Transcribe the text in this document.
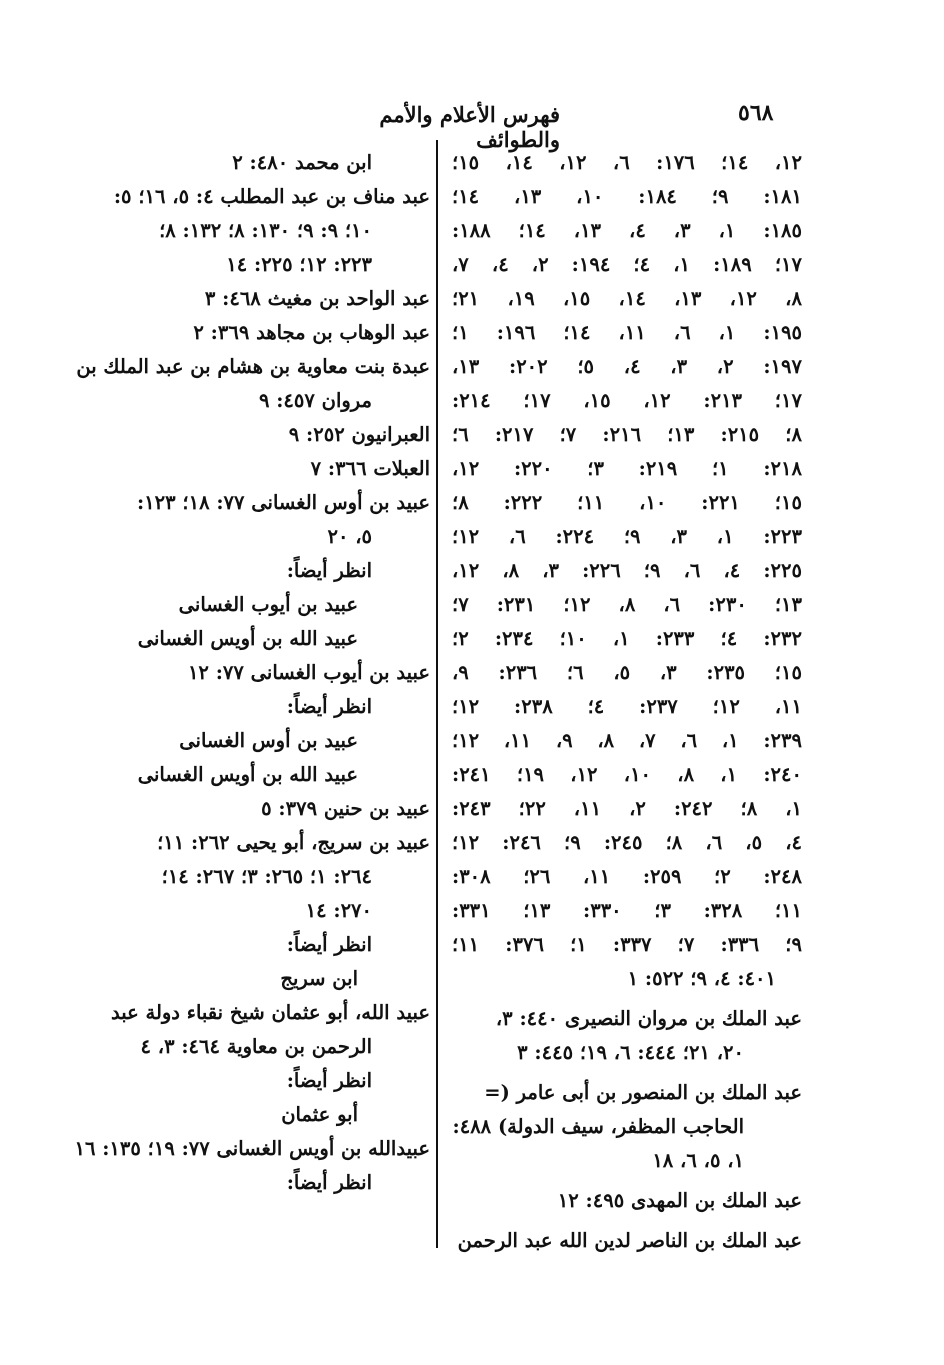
٥٦٨
فهرس الأعلام والأمم والطوائف
١٢، ١٤؛ ١٧٦: ٦، ١٢، ١٤، ١٥؛
١٨١: ٩؛ ١٨٤: ١٠، ١٣، ١٤؛
١٨٥: ١، ٣، ٤، ١٣، ١٤؛ ١٨٨:
١٧؛ ١٨٩: ١، ٤؛ ١٩٤: ٢، ٤، ٧،
٨، ١٢، ١٣، ١٤، ١٥، ١٩، ٢١؛
١٩٥: ١، ٦، ١١، ١٤؛ ١٩٦: ١؛
١٩٧: ٢، ٣، ٤، ٥؛ ٢٠٢: ١٣،
١٧؛ ٢١٣: ١٢، ١٥، ١٧؛ ٢١٤:
٨؛ ٢١٥: ١٣؛ ٢١٦: ٧؛ ٢١٧: ٦؛
٢١٨: ١؛ ٢١٩: ٣؛ ٢٢٠: ١٢،
١٥؛ ٢٢١: ١٠، ١١؛ ٢٢٢: ٨؛
٢٢٣: ١، ٣، ٩؛ ٢٢٤: ٦، ١٢؛
٢٢٥: ٤، ٦، ٩؛ ٢٢٦: ٣، ٨، ١٢،
١٣؛ ٢٣٠: ٦، ٨، ١٢؛ ٢٣١: ٧؛
٢٣٢: ٤؛ ٢٣٣: ١، ١٠؛ ٢٣٤: ٢؛
١٥؛ ٢٣٥: ٣، ٥، ٦؛ ٢٣٦: ٩،
١١، ١٢؛ ٢٣٧: ٤؛ ٢٣٨: ١٢؛
٢٣٩: ١، ٦، ٧، ٨، ٩، ١١، ١٢؛
٢٤٠: ١، ٨، ١٠، ١٢، ١٩؛ ٢٤١:
١، ٨؛ ٢٤٢: ٢، ١١، ٢٢؛ ٢٤٣:
٤، ٥، ٦، ٨؛ ٢٤٥: ٩؛ ٢٤٦: ١٢؛
٢٤٨: ٢؛ ٢٥٩: ١١، ٢٦؛ ٣٠٨:
١١؛ ٣٢٨: ٣؛ ٣٣٠: ١٣؛ ٣٣١:
٩؛ ٣٣٦: ٧؛ ٣٣٧: ١؛ ٣٧٦: ١١؛
٤٠١: ٤، ٩؛ ٥٢٢: ١
عبد الملك بن مروان النصيرى ٤٤٠: ٣،
٢٠، ٢١؛ ٤٤٤: ٦، ١٩؛ ٤٤٥: ٣
عبد الملك بن المنصور بن أبى عامر (=
الحاجب المظفر، سيف الدولة) ٤٨٨:
١، ٥، ٦، ١٨
عبد الملك بن المهدى ٤٩٥: ١٢
عبد الملك بن الناصر لدين الله عبد الرحمن
ابن محمد ٤٨٠: ٢
عبد مناف بن عبد المطلب ٤: ٥، ١٦؛ ٥:
١٠؛ ٩: ٩؛ ١٣٠: ٨؛ ١٣٢: ٨؛
٢٢٣: ١٢؛ ٢٢٥: ١٤
عبد الواحد بن مغيث ٤٦٨: ٣
عبد الوهاب بن مجاهد ٣٦٩: ٢
عبدة بنت معاوية بن هشام بن عبد الملك بن
مروان ٤٥٧: ٩
العبرانيون ٢٥٢: ٩
العبلات ٣٦٦: ٧
عبيد بن أوس الغسانى ٧٧: ١٨؛ ١٢٣:
٥، ٢٠
انظر أيضاً:
عبيد بن أيوب الغسانى
عبيد الله بن أويس الغسانى
عبيد بن أيوب الغسانى ٧٧: ١٢
انظر أيضاً:
عبيد بن أوس الغسانى
عبيد الله بن أويس الغسانى
عبيد بن حنين ٣٧٩: ٥
عبيد بن سريج، أبو يحيى ٢٦٢: ١١؛
٢٦٤: ١؛ ٢٦٥: ٣؛ ٢٦٧: ١٤؛
٢٧٠: ١٤
انظر أيضاً:
ابن سريج
عبيد الله، أبو عثمان شيخ نقباء دولة عبد
الرحمن بن معاوية ٤٦٤: ٣، ٤
انظر أيضاً:
أبو عثمان
عبيدالله بن أويس الغسانى ٧٧: ١٩؛ ١٣٥: ١٦
انظر أيضاً:
